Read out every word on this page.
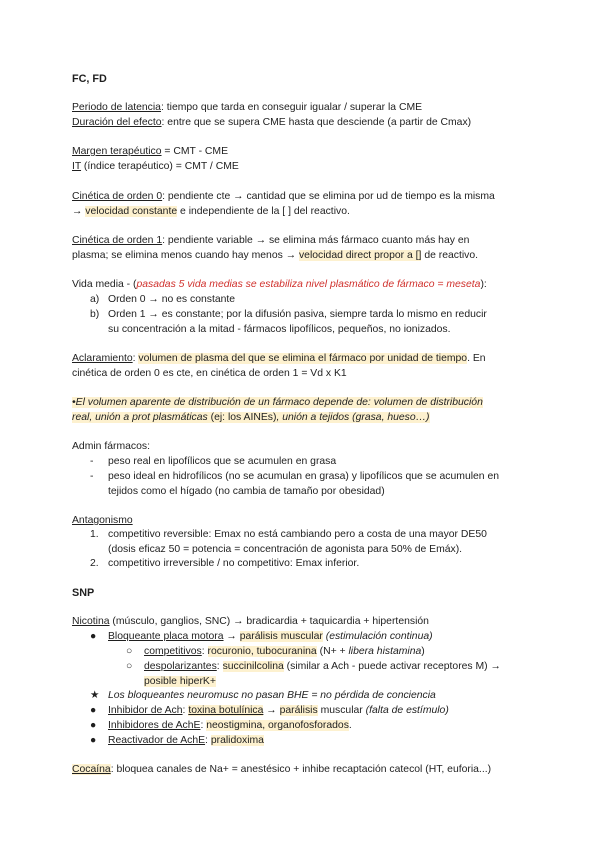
FC, FD
Periodo de latencia: tiempo que tarda en conseguir igualar / superar la CME
Duración del efecto: entre que se supera CME hasta que desciende (a partir de Cmax)
Margen terapéutico = CMT - CME
IT (índice terapéutico) = CMT / CME
Cinética de orden 0: pendiente cte → cantidad que se elimina por ud de tiempo es la misma
→ velocidad constante e independiente de la [ ] del reactivo.
Cinética de orden 1: pendiente variable → se elimina más fármaco cuanto más hay en
plasma; se elimina menos cuando hay menos → velocidad direct propor a [] de reactivo.
Vida media - (pasadas 5 vida medias se estabiliza nivel plasmático de fármaco = meseta):
a) Orden 0 → no es constante
b) Orden 1 → es constante; por la difusión pasiva, siempre tarda lo mismo en reducir
su concentración a la mitad - fármacos lipofílicos, pequeños, no ionizados.
Aclaramiento: volumen de plasma del que se elimina el fármaco por unidad de tiempo. En
cinética de orden 0 es cte, en cinética de orden 1 = Vd x K1
•El volumen aparente de distribución de un fármaco depende de: volumen de distribución
real, unión a prot plasmáticas (ej: los AINEs), unión a tejidos (grasa, hueso…)
Admin fármacos:
- peso real en lipofílicos que se acumulen en grasa
- peso ideal en hidrofílicos (no se acumulan en grasa) y lipofílicos que se acumulen en
tejidos como el hígado (no cambia de tamaño por obesidad)
Antagonismo
1. competitivo reversible: Emax no está cambiando pero a costa de una mayor DE50
(dosis eficaz 50 = potencia = concentración de agonista para 50% de Emáx).
2. competitivo irreversible / no competitivo: Emax inferior.
SNP
Nicotina (músculo, ganglios, SNC) → bradicardia + taquicardia + hipertensión
● Bloqueante placa motora → parálisis muscular (estimulación continua)
○ competitivos: rocuronio, tubocuranina (N+ + libera histamina)
○ despolarizantes: succinilcolina (similar a Ach - puede activar receptores M) →
posible hiperK+
★ Los bloqueantes neuromusc no pasan BHE = no pérdida de conciencia
● Inhibidor de Ach: toxina botulínica → parálisis muscular (falta de estímulo)
● Inhibidores de AchE: neostigmina, organofosforados.
● Reactivador de AchE: pralidoxima
Cocaína: bloquea canales de Na+ = anestésico + inhibe recaptación catecol (HT, euforia...)
